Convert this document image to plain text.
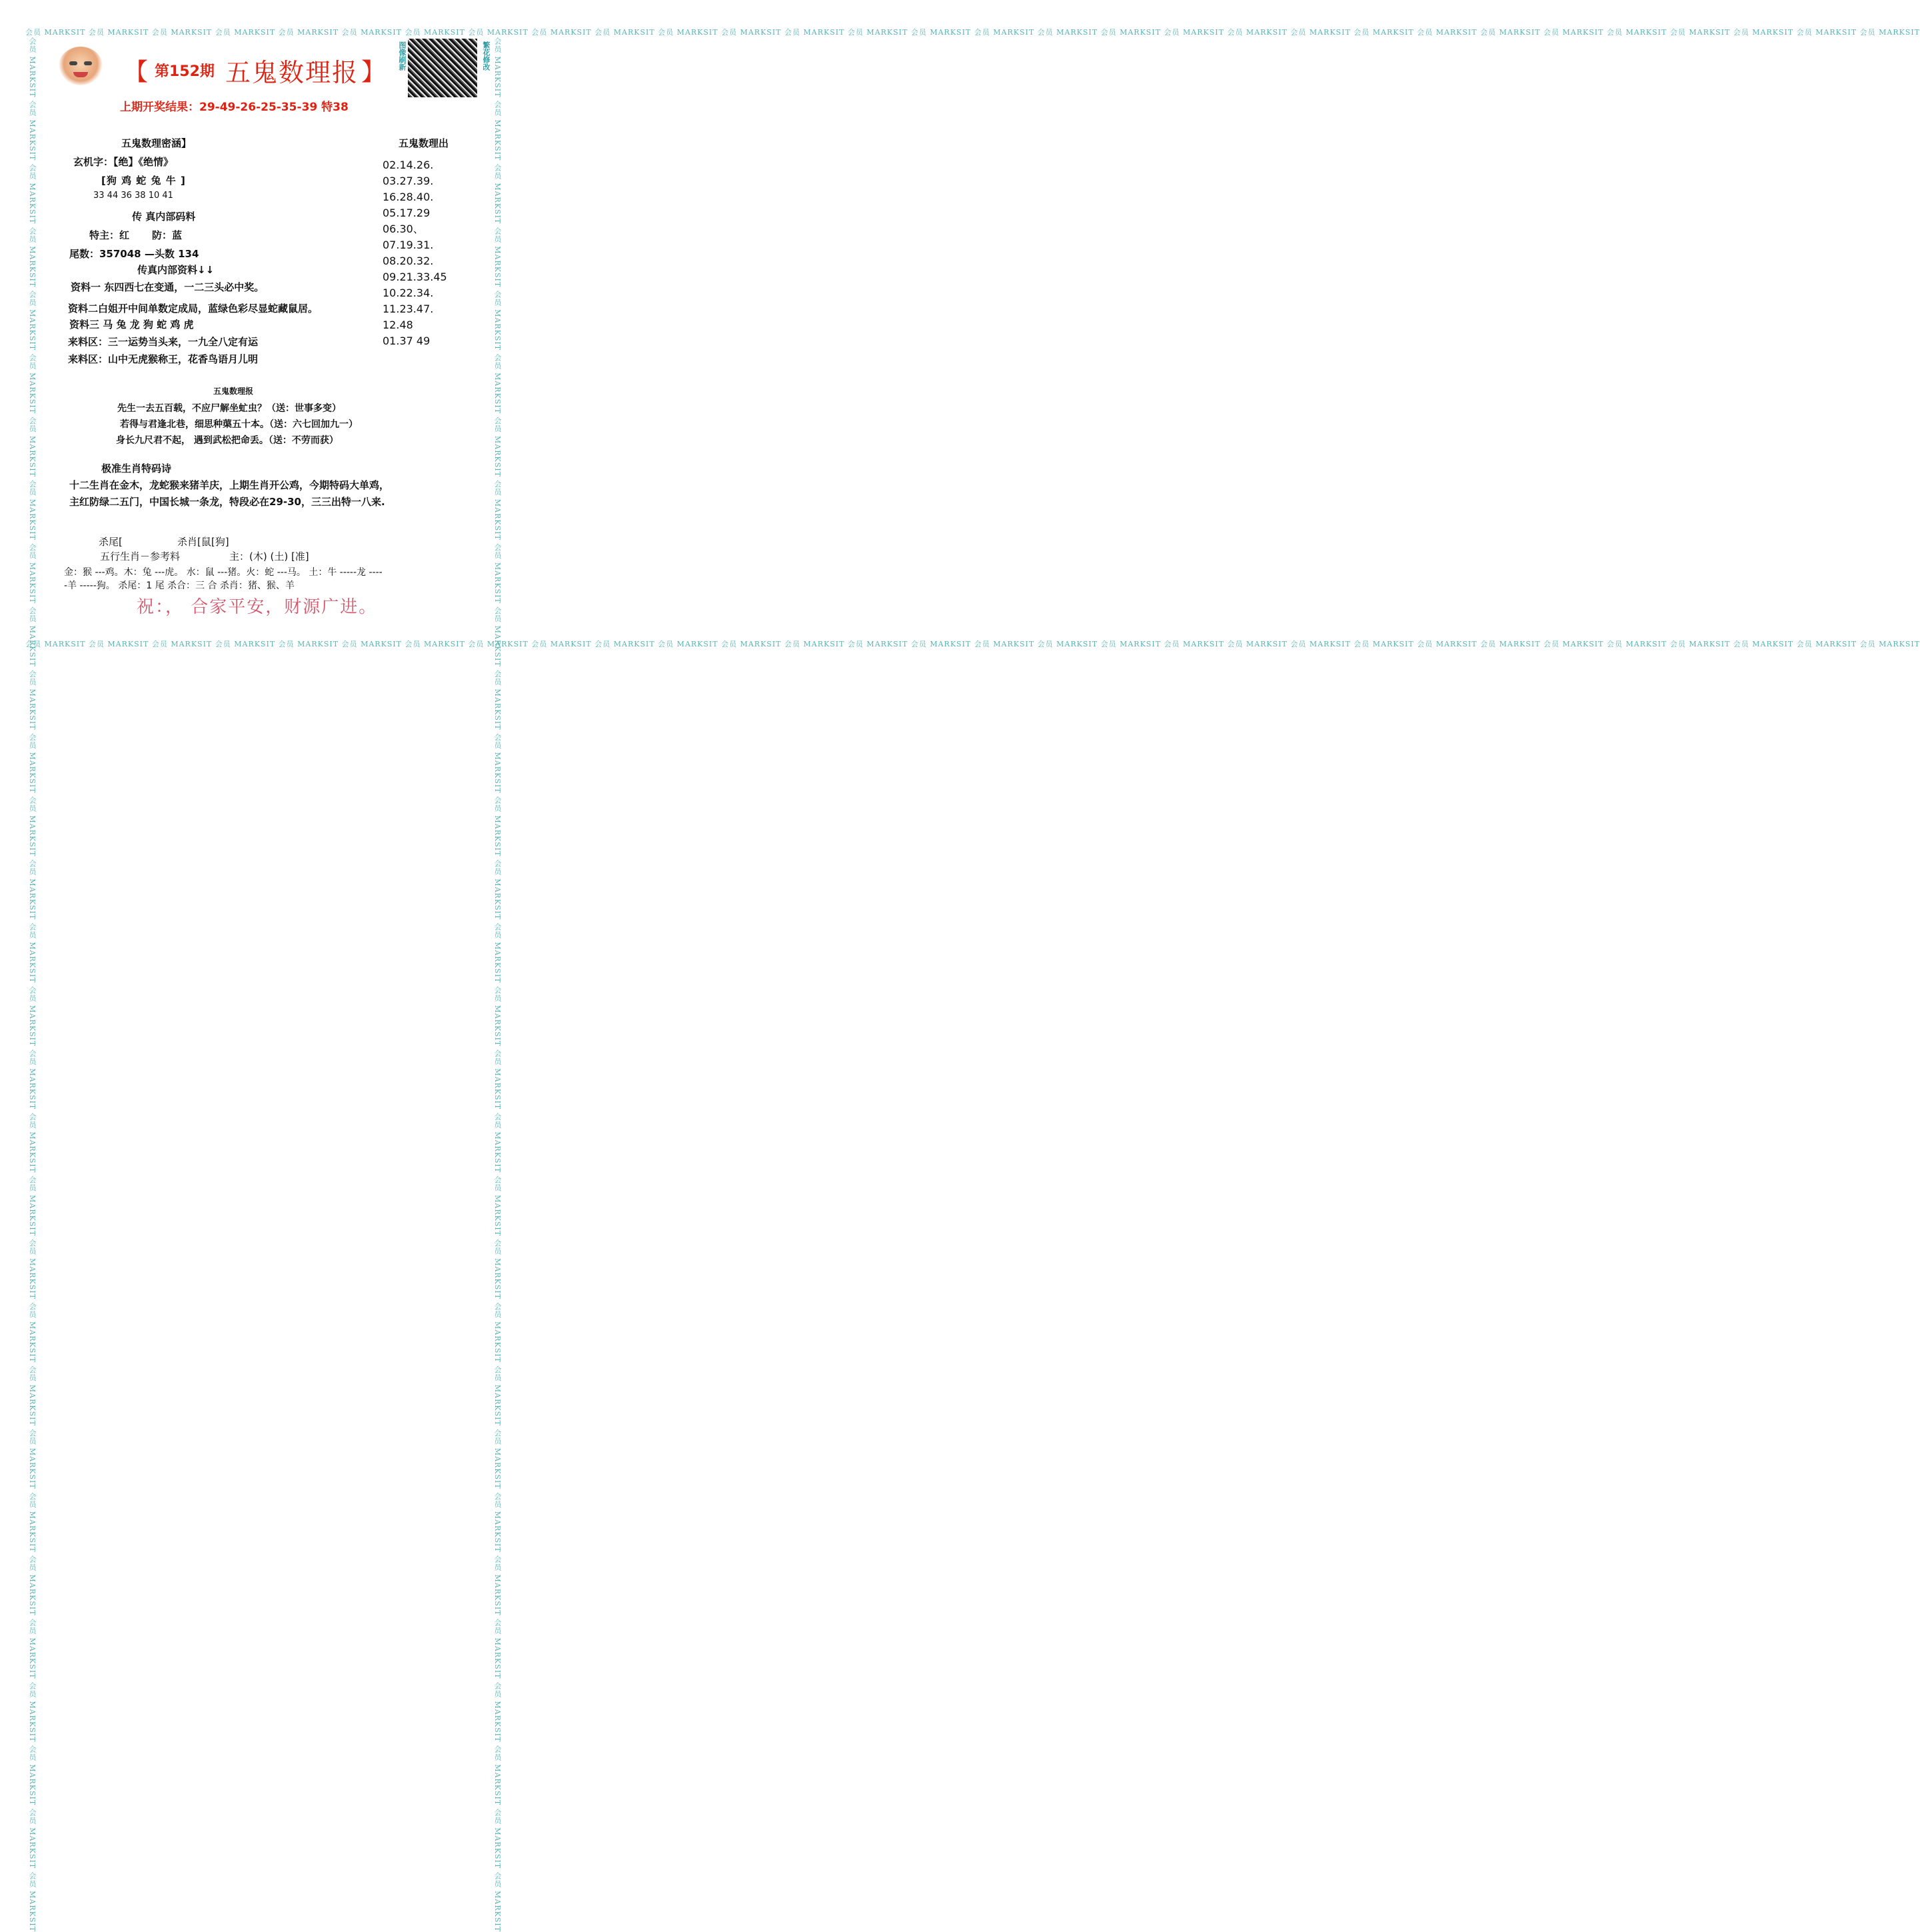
会员 MARKSIT 会员 MARKSIT 会员 MARKSIT 会员 MARKSIT 会员 MARKSIT 会员 MARKSIT 会员 MARKSIT 会员 MARKSIT 会员 MARKSIT 会员 MARKSIT 会员 MARKSIT 会员 MARKSIT 会员 MARKSIT 会员 MARKSIT 会员 MARKSIT 会员 MARKSIT 会员 MARKSIT 会员 MARKSIT 会员 MARKSIT 会员 MARKSIT 会员 MARKSIT 会员 MARKSIT 会员 MARKSIT 会员 MARKSIT 会员 MARKSIT 会员 MARKSIT 会员 MARKSIT 会员 MARKSIT 会员 MARKSIT 会员 MARKSIT
会员 MARKSIT 会员 MARKSIT 会员 MARKSIT 会员 MARKSIT 会员 MARKSIT 会员 MARKSIT 会员 MARKSIT 会员 MARKSIT 会员 MARKSIT 会员 MARKSIT 会员 MARKSIT 会员 MARKSIT 会员 MARKSIT 会员 MARKSIT 会员 MARKSIT 会员 MARKSIT 会员 MARKSIT 会员 MARKSIT 会员 MARKSIT 会员 MARKSIT 会员 MARKSIT 会员 MARKSIT 会员 MARKSIT 会员 MARKSIT 会员 MARKSIT 会员 MARKSIT 会员 MARKSIT 会员 MARKSIT 会员 MARKSIT 会员 MARKSIT
会员 MARKSIT 会员 MARKSIT 会员 MARKSIT 会员 MARKSIT 会员 MARKSIT 会员 MARKSIT 会员 MARKSIT 会员 MARKSIT 会员 MARKSIT 会员 MARKSIT 会员 MARKSIT 会员 MARKSIT 会员 MARKSIT 会员 MARKSIT 会员 MARKSIT 会员 MARKSIT 会员 MARKSIT 会员 MARKSIT 会员 MARKSIT 会员 MARKSIT 会员 MARKSIT 会员 MARKSIT 会员 MARKSIT 会员 MARKSIT 会员 MARKSIT 会员 MARKSIT 会员 MARKSIT 会员 MARKSIT 会员 MARKSIT 会员 MARKSIT	会员 MARKSIT 会员 MARKSIT 会员 MARKSIT 会员 MARKSIT 会员 MARKSIT 会员 MARKSIT 会员 MARKSIT 会员 MARKSIT 会员 MARKSIT 会员 MARKSIT 会员 MARKSIT 会员 MARKSIT 会员 MARKSIT 会员 MARKSIT 会员 MARKSIT 会员 MARKSIT 会员 MARKSIT 会员 MARKSIT 会员 MARKSIT 会员 MARKSIT 会员 MARKSIT 会员 MARKSIT 会员 MARKSIT 会员 MARKSIT 会员 MARKSIT 会员 MARKSIT 会员 MARKSIT 会员 MARKSIT 会员 MARKSIT 会员 MARKSIT
【 第152期 五鬼数理报 】
图像刷新	繁花修改
上期开奖结果：29-49-26-25-35-39 特38
五鬼数理密涵】
玄机字：【绝】《绝情》
[狗 鸡 蛇 兔 牛 ]
33 44 36 38 10 41
传 真内部码料
特主：红 防：蓝
尾数：357048 —头数 134
传真内部资料↓↓
资料一 东四西七在变通，一二三头必中奖。
资料二白姐开中间单数定成局，蓝绿色彩尽显蛇藏鼠居。
资料三 马 兔 龙 狗 蛇 鸡 虎
来料区：三一运势当头来，一九全八定有运
来料区：山中无虎猴称王，花香鸟语月儿明
五鬼数理出
02.14.26.
03.27.39.
16.28.40.
05.17.29
06.30、
07.19.31.
08.20.32.
09.21.33.45
10.22.34.
11.23.47.
12.48
01.37 49
五鬼数理报
先生一去五百载，不应尸解坐虻虫？（送：世事多变）
若得与君逢北巷，细思种蕖五十本。（送：六七回加九一）
身长九尺君不起， 遇到武松把命丢。（送：不劳而获）
极准生肖特码诗
十二生肖在金木，龙蛇猴来猪羊庆，上期生肖开公鸡，今期特码大单鸡，
主红防绿二五门，中国长城一条龙，特段必在29-30，三三出特一八来.
杀尾[	杀肖[鼠[狗]
五行生肖－参考料	主：(木) (土) [准]
金：猴 ---鸡。木：兔 ---虎。 水：鼠 ---猪。火：蛇 ---马。 土：牛 -----龙 ----
-羊 -----狗。 杀尾：1 尾 杀合：三 合 杀肖：猪、猴、羊
祝：， 合家平安，财源广进。
